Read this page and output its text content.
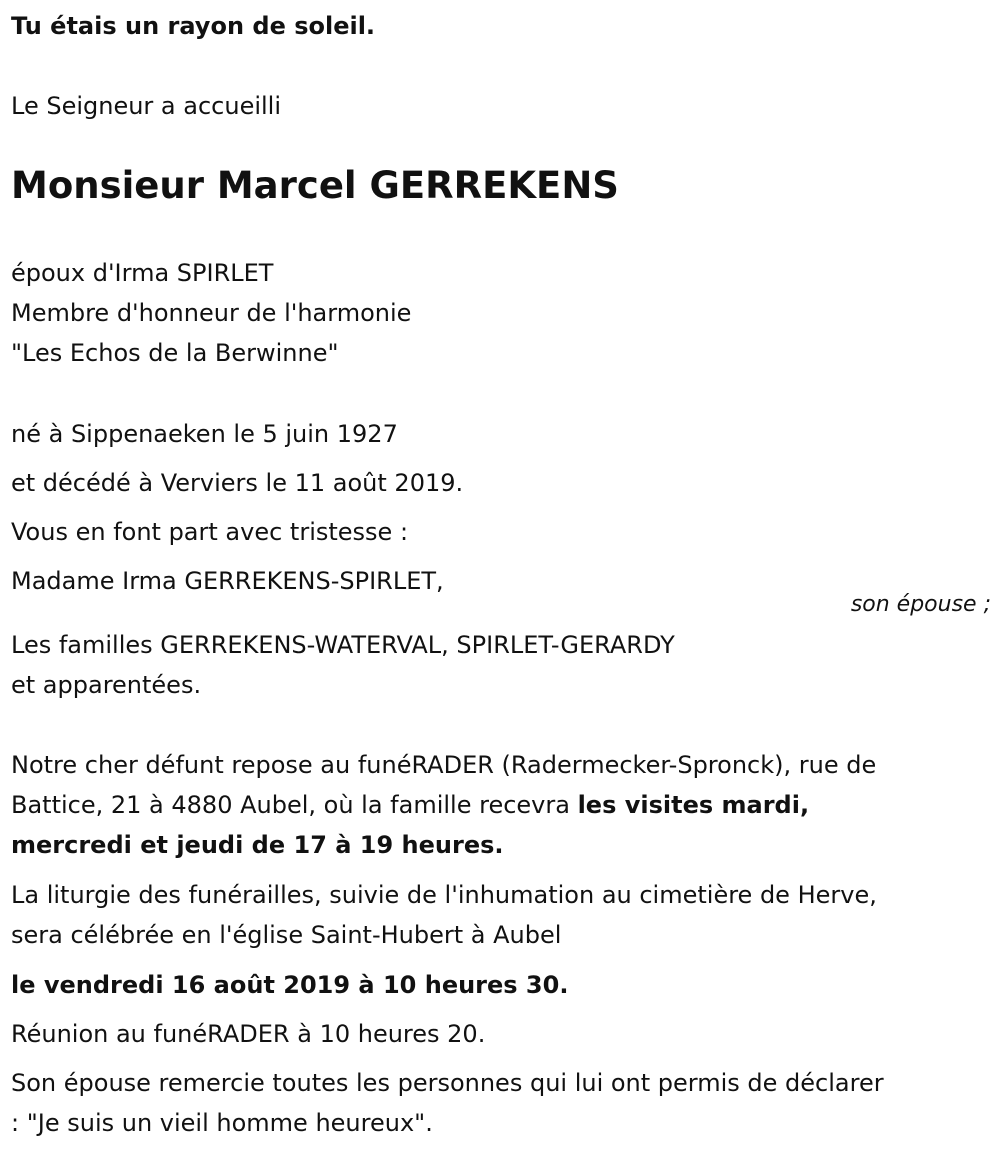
Tu étais un rayon de soleil.
Le Seigneur a accueilli
Monsieur Marcel GERREKENS
époux d'Irma SPIRLET
Membre d'honneur de l'harmonie
"Les Echos de la Berwinne"
né à Sippenaeken le 5 juin 1927
et décédé à Verviers le 11 août 2019.
Vous en font part avec tristesse :
Madame Irma GERREKENS-SPIRLET,
son épouse ;
Les familles GERREKENS-WATERVAL, SPIRLET-GERARDY
et apparentées.
Notre cher défunt repose au funéRADER (Radermecker-Spronck), rue de
Battice, 21 à 4880 Aubel, où la famille recevra les visites mardi,
mercredi et jeudi de 17 à 19 heures.
La liturgie des funérailles, suivie de l'inhumation au cimetière de Herve,
sera célébrée en l'église Saint-Hubert à Aubel
le vendredi 16 août 2019 à 10 heures 30.
Réunion au funéRADER à 10 heures 20.
Son épouse remercie toutes les personnes qui lui ont permis de déclarer
: "Je suis un vieil homme heureux".
